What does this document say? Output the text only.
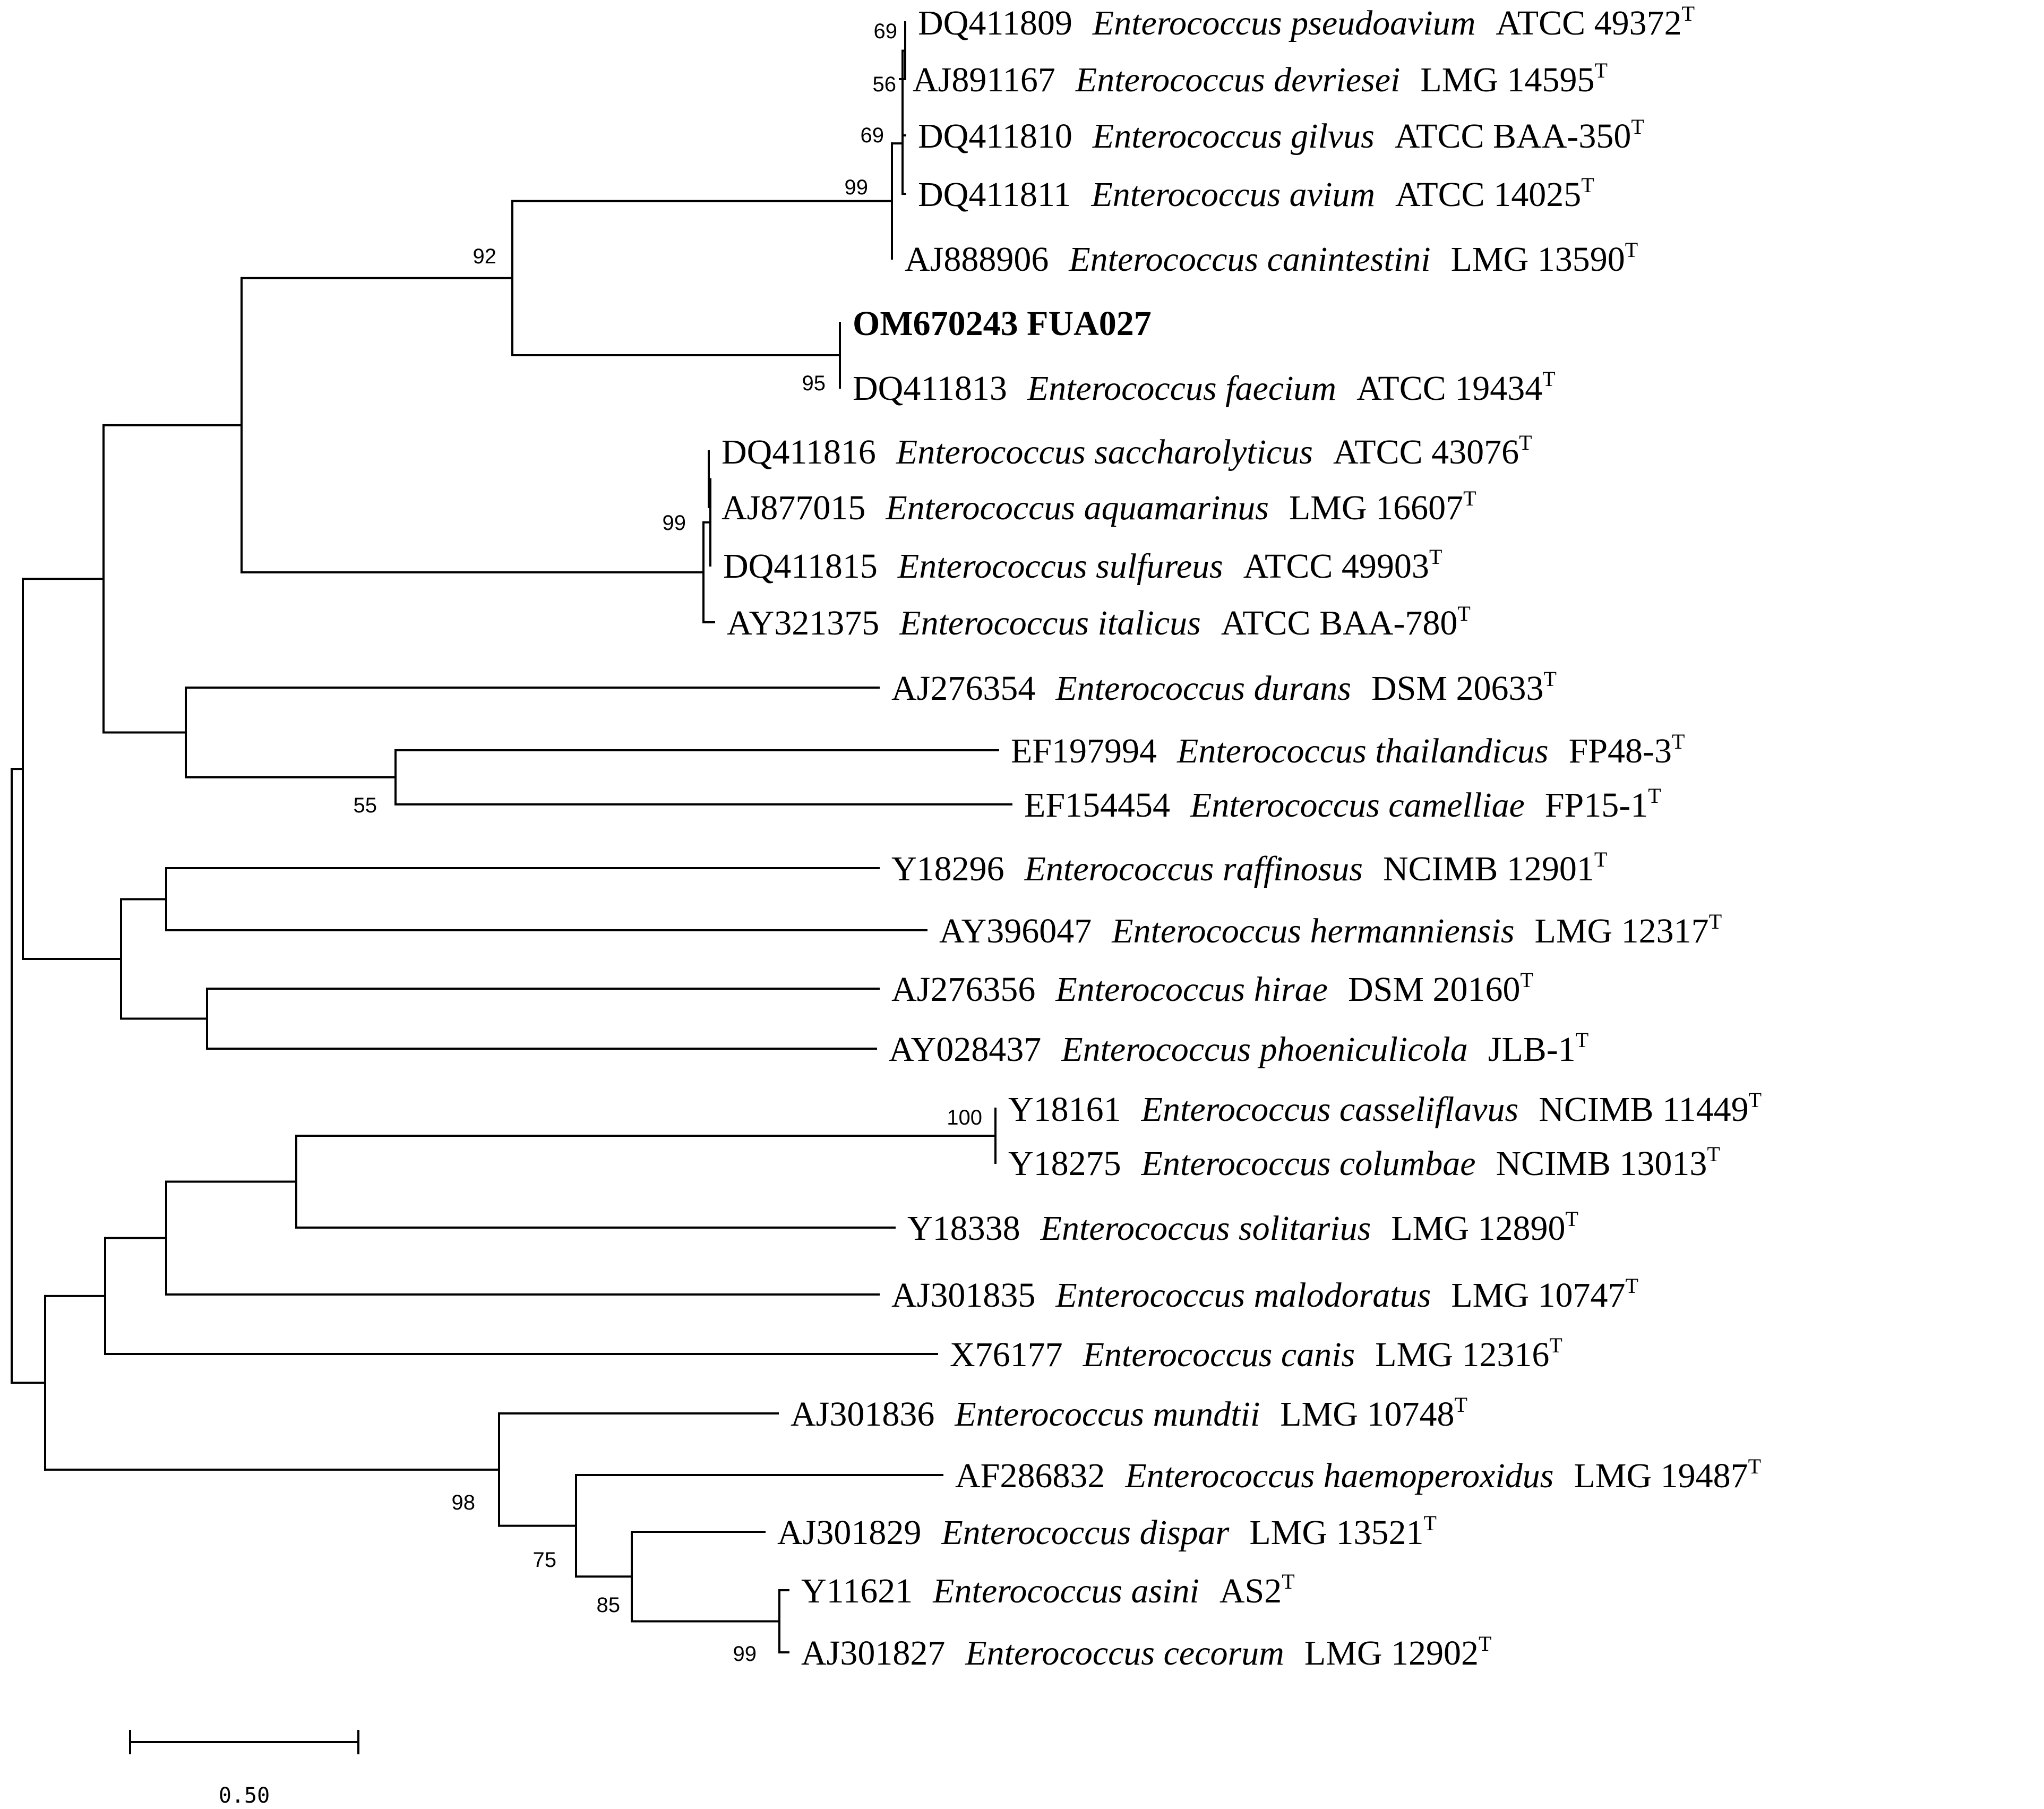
DQ411809 Enterococcus pseudoavium ATCC $49372^T$
AJ891167 Enterococcus devriesei LMG $14595^T$
DQ411810 Enterococcus gilvus ATCC BAA-$350^T$
DQ411811 Enterococcus avium ATCC $14025^T$
AJ888906 Enterococcus canintestini LMG $13590^T$
OM670243 FUA027
DQ411813 Enterococcus faecium ATCC $19434^T$
DQ411816 Enterococcus saccharolyticus ATCC $43076^T$
AJ877015 Enterococcus aquamarinus LMG $16607^T$
DQ411815 Enterococcus sulfureus ATCC $49903^T$
AY321375 Enterococcus italicus ATCC BAA-$780^T$
AJ276354 Enterococcus durans DSM $20633^T$
EF197994 Enterococcus thailandicus $FP48-3^T$
EF154454 Enterococcus camelliae $FP15-1^T$
Y18296 Enterococcus raffinosus NCIMB $12901^T$
AY396047 Enterococcus hermanniensis LMG $12317^T$
AJ276356 Enterococcus hirae DSM $20160^T$
AY028437 Enterococcus phoeniculicola JLB-$1^T$
Y18161 Enterococcus casseliflavus NCIMB $11449^T$
Y18275 Enterococcus columbae NCIMB $13013^T$
Y18338 Enterococcus solitarius LMG $12890^T$
AJ301835 Enterococcus malodoratus LMG $10747^T$
X76177 Enterococcus canis LMG $12316^T$
AJ301836 Enterococcus mundtii LMG $10748^T$
AF286832 Enterococcus haemoperoxidus LMG $19487^T$
AJ301829 Enterococcus dispar LMG $13521^T$
Y11621 Enterococcus asini $AS2^T$
AJ301827 Enterococcus cecorum LMG $12902^T$
69
56
69
99
92
95
99
55
100
98
75
85
99
0.50
